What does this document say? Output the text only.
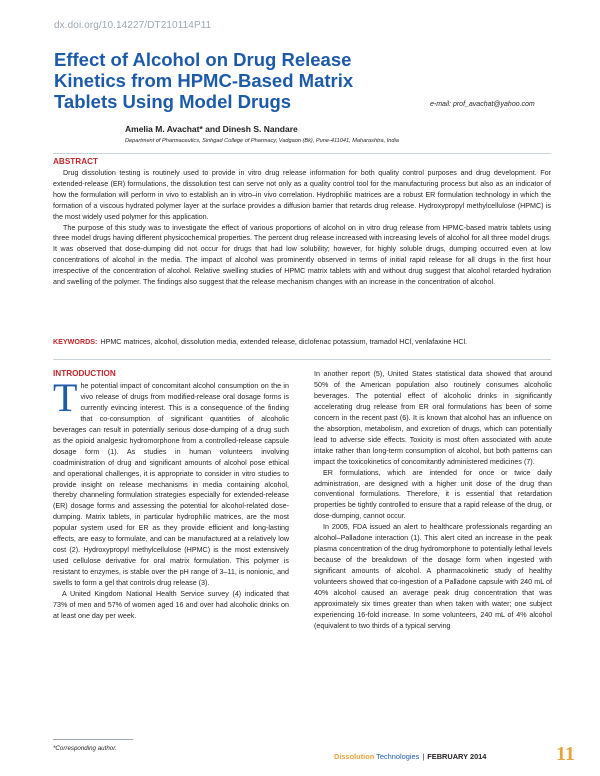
dx.doi.org/10.14227/DT210114P11
Effect of Alcohol on Drug Release Kinetics from HPMC-Based Matrix Tablets Using Model Drugs	e-mail: prof_avachat@yahoo.com
Amelia M. Avachat* and Dinesh S. Nandare
Department of Pharmaceutics, Sinhgad College of Pharmacy, Vadgaon (Bk), Pune-411041, Maharashtra, India
ABSTRACT

Drug dissolution testing is routinely used to provide in vitro drug release information for both quality control purposes and drug development. For extended-release (ER) formulations, the dissolution test can serve not only as a quality control tool for the manufacturing process but also as an indicator of how the formulation will perform in vivo to establish an in vitro–in vivo correlation. Hydrophilic matrices are a robust ER formulation technology in which the formation of a viscous hydrated polymer layer at the surface provides a diffusion barrier that retards drug release. Hydroxypropyl methylcellulose (HPMC) is the most widely used polymer for this application.

The purpose of this study was to investigate the effect of various proportions of alcohol on in vitro drug release from HPMC-based matrix tablets using three model drugs having different physicochemical properties. The percent drug release increased with increasing levels of alcohol for all three model drugs. It was observed that dose-dumping did not occur for drugs that had low solubility; however, for highly soluble drugs, dumping occurred even at low concentrations of alcohol in the media. The impact of alcohol was prominently observed in terms of initial rapid release for all drugs in the first hour irrespective of the concentration of alcohol. Relative swelling studies of HPMC matrix tablets with and without drug suggest that alcohol retarded hydration and swelling of the polymer. The findings also suggest that the release mechanism changes with an increase in the concentration of alcohol.

KEYWORDS: HPMC matrices, alcohol, dissolution media, extended release, diclofenac potassium, tramadol HCl, venlafaxine HCl.
INTRODUCTION

The potential impact of concomitant alcohol consumption on the in vivo release of drugs from modified-release oral dosage forms is currently evincing interest. This is a consequence of the finding that co-consumption of significant quantities of alcoholic beverages can result in potentially serious dose-dumping of a drug such as the opioid analgesic hydromorphone from a controlled-release capsule dosage form (1). As studies in human volunteers involving coadministration of drug and significant amounts of alcohol pose ethical and operational challenges, it is appropriate to consider in vitro studies to provide insight on release mechanisms in media containing alcohol, thereby channeling formulation strategies especially for extended-release (ER) dosage forms and assessing the potential for alcohol-related dose-dumping. Matrix tablets, in particular hydrophilic matrices, are the most popular system used for ER as they provide efficient and long-lasting effects, are easy to formulate, and can be manufactured at a relatively low cost (2). Hydroxypropyl methylcellulose (HPMC) is the most extensively used cellulose derivative for oral matrix formulation. This polymer is resistant to enzymes, is stable over the pH range of 3–11, is nonionic, and swells to form a gel that controls drug release (3).

A United Kingdom National Health Service survey (4) indicated that 73% of men and 57% of women aged 16 and over had alcoholic drinks on at least one day per week.

In another report (5), United States statistical data showed that around 50% of the American population also routinely consumes alcoholic beverages. The potential effect of alcoholic drinks in significantly accelerating drug release from ER oral formulations has been of some concern in the recent past (6). It is known that alcohol has an influence on the absorption, metabolism, and excretion of drugs, which can potentially lead to adverse side effects. Toxicity is most often associated with acute intake rather than long-term consumption of alcohol, but both patterns can impact the toxicokinetics of concomitantly administered medicines (7).

ER formulations, which are intended for once or twice daily administration, are designed with a higher unit dose of the drug than conventional formulations. Therefore, it is essential that retardation properties be tightly controlled to ensure that a rapid release of the drug, or dose-dumping, cannot occur.

In 2005, FDA issued an alert to healthcare professionals regarding an alcohol–Palladone interaction (1). This alert cited an increase in the peak plasma concentration of the drug hydromorphone to potentially lethal levels because of the breakdown of the dosage form when ingested with significant amounts of alcohol. A pharmacokinetic study of healthy volunteers showed that co-ingestion of a Palladone capsule with 240 mL of 40% alcohol caused an average peak drug concentration that was approximately six times greater than when taken with water; one subject experiencing 16-fold increase. In some volunteers, 240 mL of 4% alcohol (equivalent to two thirds of a typical serving

*Corresponding author.
Dissolution Technologies | FEBRUARY 2014	11
